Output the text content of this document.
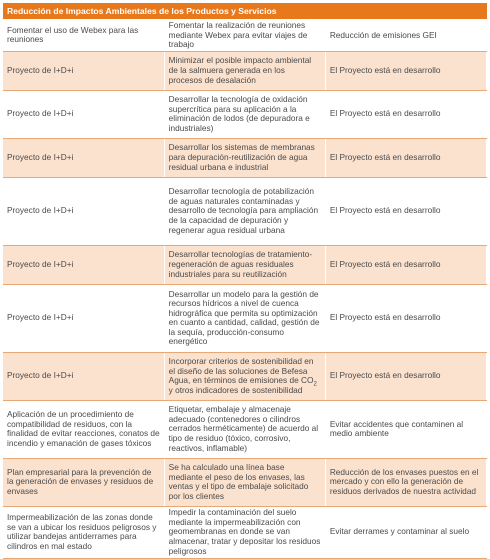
Reducción de Impactos Ambientales de los Productos y Servicios		
Fomentar el uso de Webex para las reuniones	Fomentar la realización de reuniones mediante Webex para evitar viajes de trabajo	Reducción de emisiones GEI
Proyecto de I+D+i	Minimizar el posible impacto ambiental de la salmuera generada en los procesos de desalación	El Proyecto está en desarrollo
Proyecto de I+D+i	Desarrollar la tecnología de oxidación supercrítica para su aplicación a la eliminación de lodos (de depuradora e industriales)	El Proyecto está en desarrollo
Proyecto de I+D+i	Desarrollar los sistemas de membranas para depuración-reutilización de agua residual urbana e industrial	El Proyecto está en desarrollo
Proyecto de I+D+i	Desarrollar tecnología de potabilización de aguas naturales contaminadas y desarrollo de tecnología para ampliación de la capacidad de depuración y regenerar agua residual urbana	El Proyecto está en desarrollo
Proyecto de I+D+i	Desarrollar tecnologías de tratamiento-regeneración de aguas residuales industriales para su reutilización	El Proyecto está en desarrollo
Proyecto de I+D+i	Desarrollar un modelo para la gestión de recursos hídricos a nivel de cuenca hidrográfica que permita su optimización en cuanto a cantidad, calidad, gestión de la sequía, producción-consumo energético	El Proyecto está en desarrollo
Proyecto de I+D+i	Incorporar criterios de sostenibilidad en el diseño de las soluciones de Befesa Agua, en términos de emisiones de $CO_2$ y otros indicadores de sostenibilidad	El Proyecto está en desarrollo
Aplicación de un procedimiento de compatibilidad de residuos, con la finalidad de evitar reacciones, conatos de incendio y emanación de gases tóxicos	Etiquetar, embalaje y almacenaje adecuado (contenedores o cilindros cerrados herméticamente) de acuerdo al tipo de residuo (tóxico, corrosivo, reactivos, inflamable)	Evitar accidentes que contaminen al medio ambiente
Plan empresarial para la prevención de la generación de envases y residuos de envases	Se ha calculado una línea base mediante el peso de los envases, las ventas y el tipo de embalaje solicitado por los clientes	Reducción de los envases puestos en el mercado y con ello la generación de residuos derivados de nuestra actividad
Impermeabilización de las zonas donde se van a ubicar los residuos peligrosos y utilizar bandejas antiderrames para cilindros en mal estado	Impedir la contaminación del suelo mediante la impermeabilización con geomembranas en donde se van almacenar, tratar y depositar los residuos peligrosos	Evitar derrames y contaminar al suelo
